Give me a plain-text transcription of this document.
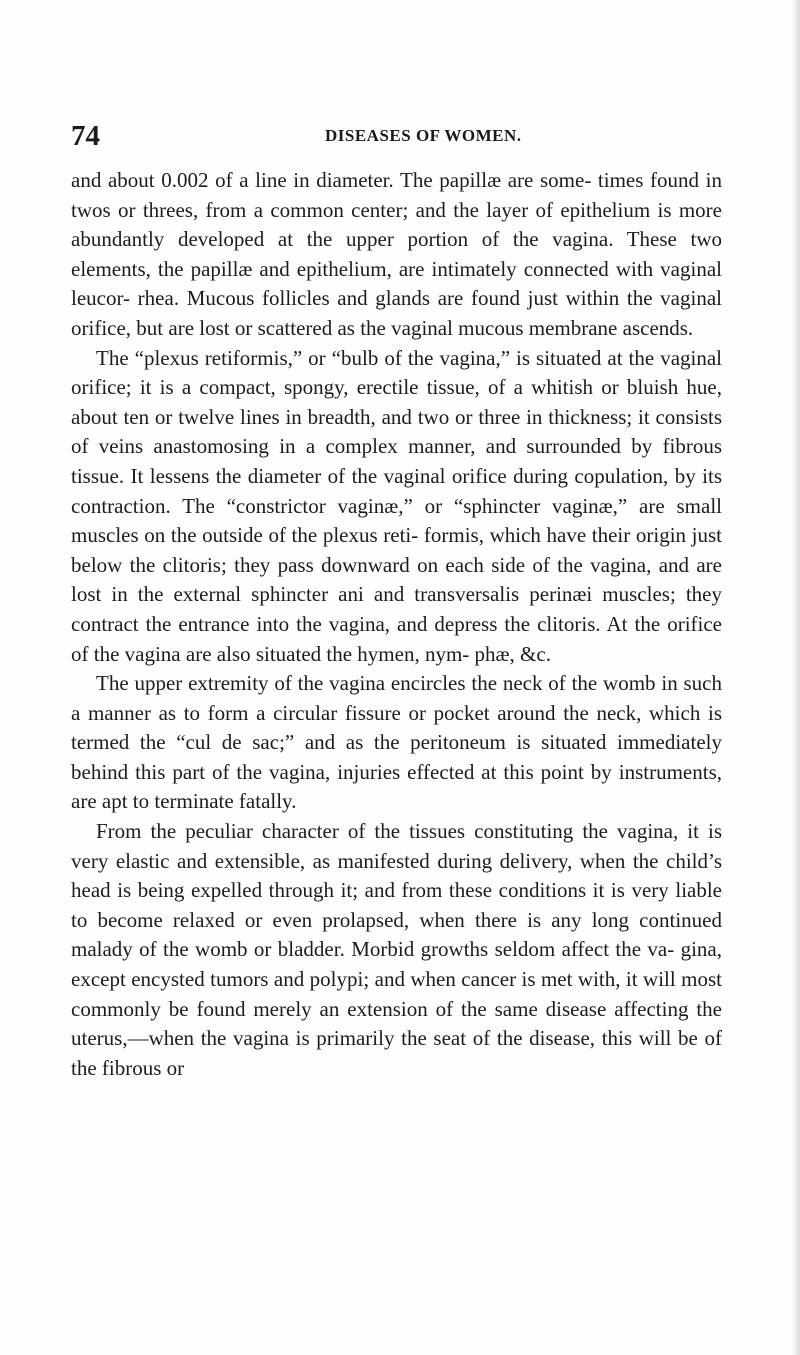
74	DISEASES OF WOMEN.

and about 0.002 of a line in diameter. The papillæ are some- times found in twos or threes, from a common center; and the layer of epithelium is more abundantly developed at the upper portion of the vagina. These two elements, the papillæ and epithelium, are intimately connected with vaginal leucor- rhea. Mucous follicles and glands are found just within the vaginal orifice, but are lost or scattered as the vaginal mucous membrane ascends.

The “plexus retiformis,” or “bulb of the vagina,” is situated at the vaginal orifice; it is a compact, spongy, erectile tissue, of a whitish or bluish hue, about ten or twelve lines in breadth, and two or three in thickness; it consists of veins anastomosing in a complex manner, and surrounded by fibrous tissue. It lessens the diameter of the vaginal orifice during copulation, by its contraction. The “constrictor vaginæ,” or “sphincter vaginæ,” are small muscles on the outside of the plexus reti- formis, which have their origin just below the clitoris; they pass downward on each side of the vagina, and are lost in the external sphincter ani and transversalis perinæi muscles; they contract the entrance into the vagina, and depress the clitoris. At the orifice of the vagina are also situated the hymen, nym- phæ, &c.

The upper extremity of the vagina encircles the neck of the womb in such a manner as to form a circular fissure or pocket around the neck, which is termed the “cul de sac;” and as the peritoneum is situated immediately behind this part of the vagina, injuries effected at this point by instruments, are apt to terminate fatally.

From the peculiar character of the tissues constituting the vagina, it is very elastic and extensible, as manifested during delivery, when the child’s head is being expelled through it; and from these conditions it is very liable to become relaxed or even prolapsed, when there is any long continued malady of the womb or bladder. Morbid growths seldom affect the va- gina, except encysted tumors and polypi; and when cancer is met with, it will most commonly be found merely an extension of the same disease affecting the uterus,—when the vagina is primarily the seat of the disease, this will be of the fibrous or
